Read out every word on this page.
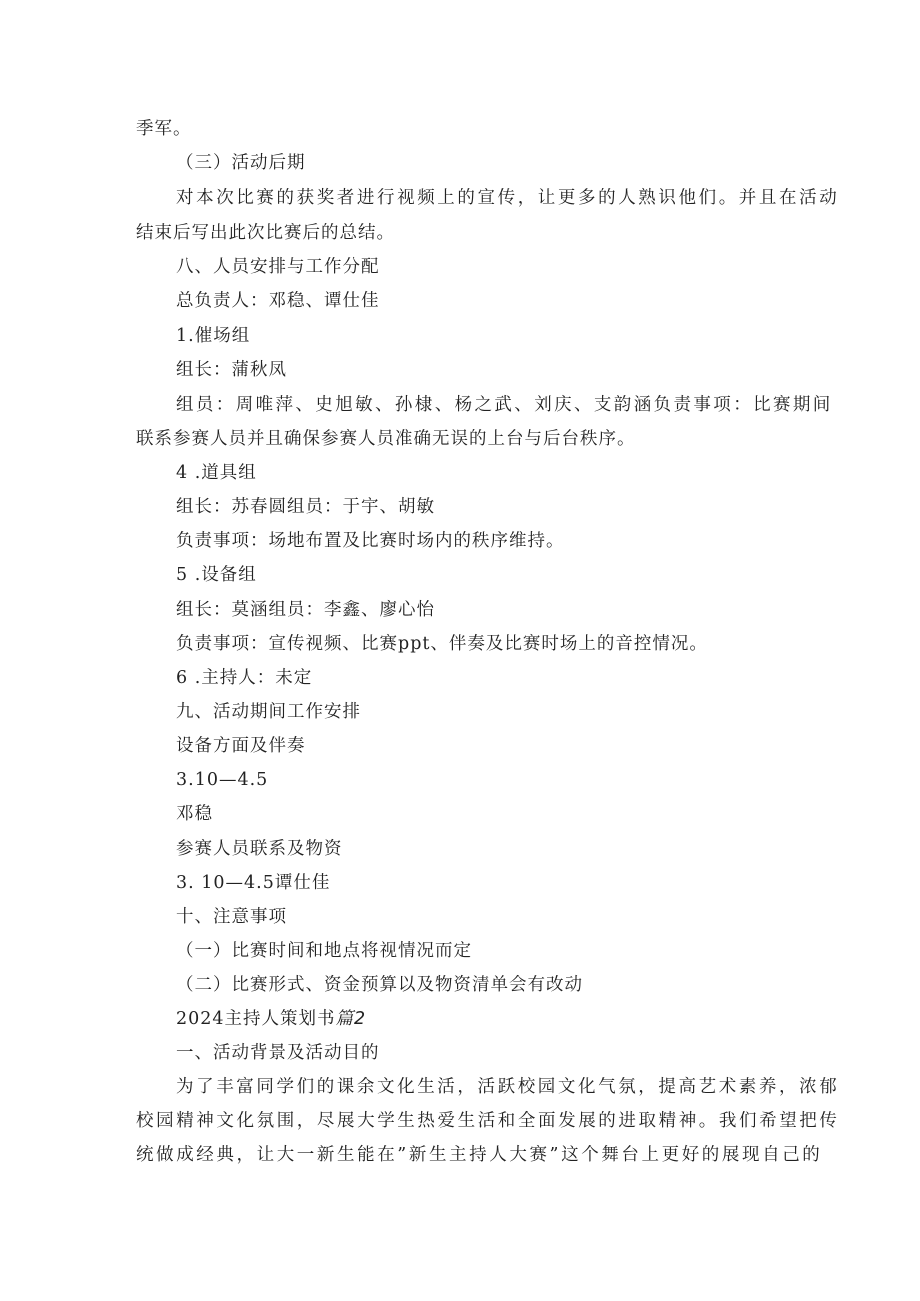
季军。
（三）活动后期
对本次比赛的获奖者进行视频上的宣传，让更多的人熟识他们。并且在活动
结束后写出此次比赛后的总结。
八、人员安排与工作分配
总负责人：邓稳、谭仕佳
1.催场组
组长：蒲秋凤
组员：周唯萍、史旭敏、孙棣、杨之武、刘庆、支韵涵负责事项：比赛期间
联系参赛人员并且确保参赛人员准确无误的上台与后台秩序。
4 .道具组
组长：苏春圆组员：于宇、胡敏
负责事项：场地布置及比赛时场内的秩序维持。
5 .设备组
组长：莫涵组员：李鑫、廖心怡
负责事项：宣传视频、比赛ppt、伴奏及比赛时场上的音控情况。
6 .主持人：未定
九、活动期间工作安排
设备方面及伴奏
3.10—4.5
邓稳
参赛人员联系及物资
3. 10—4.5谭仕佳
十、注意事项
（一）比赛时间和地点将视情况而定
（二）比赛形式、资金预算以及物资清单会有改动
2024主持人策划书篇2
一、活动背景及活动目的
为了丰富同学们的课余文化生活，活跃校园文化气氛，提高艺术素养，浓郁
校园精神文化氛围，尽展大学生热爱生活和全面发展的进取精神。我们希望把传
统做成经典，让大一新生能在”新生主持人大赛”这个舞台上更好的展现自己的
